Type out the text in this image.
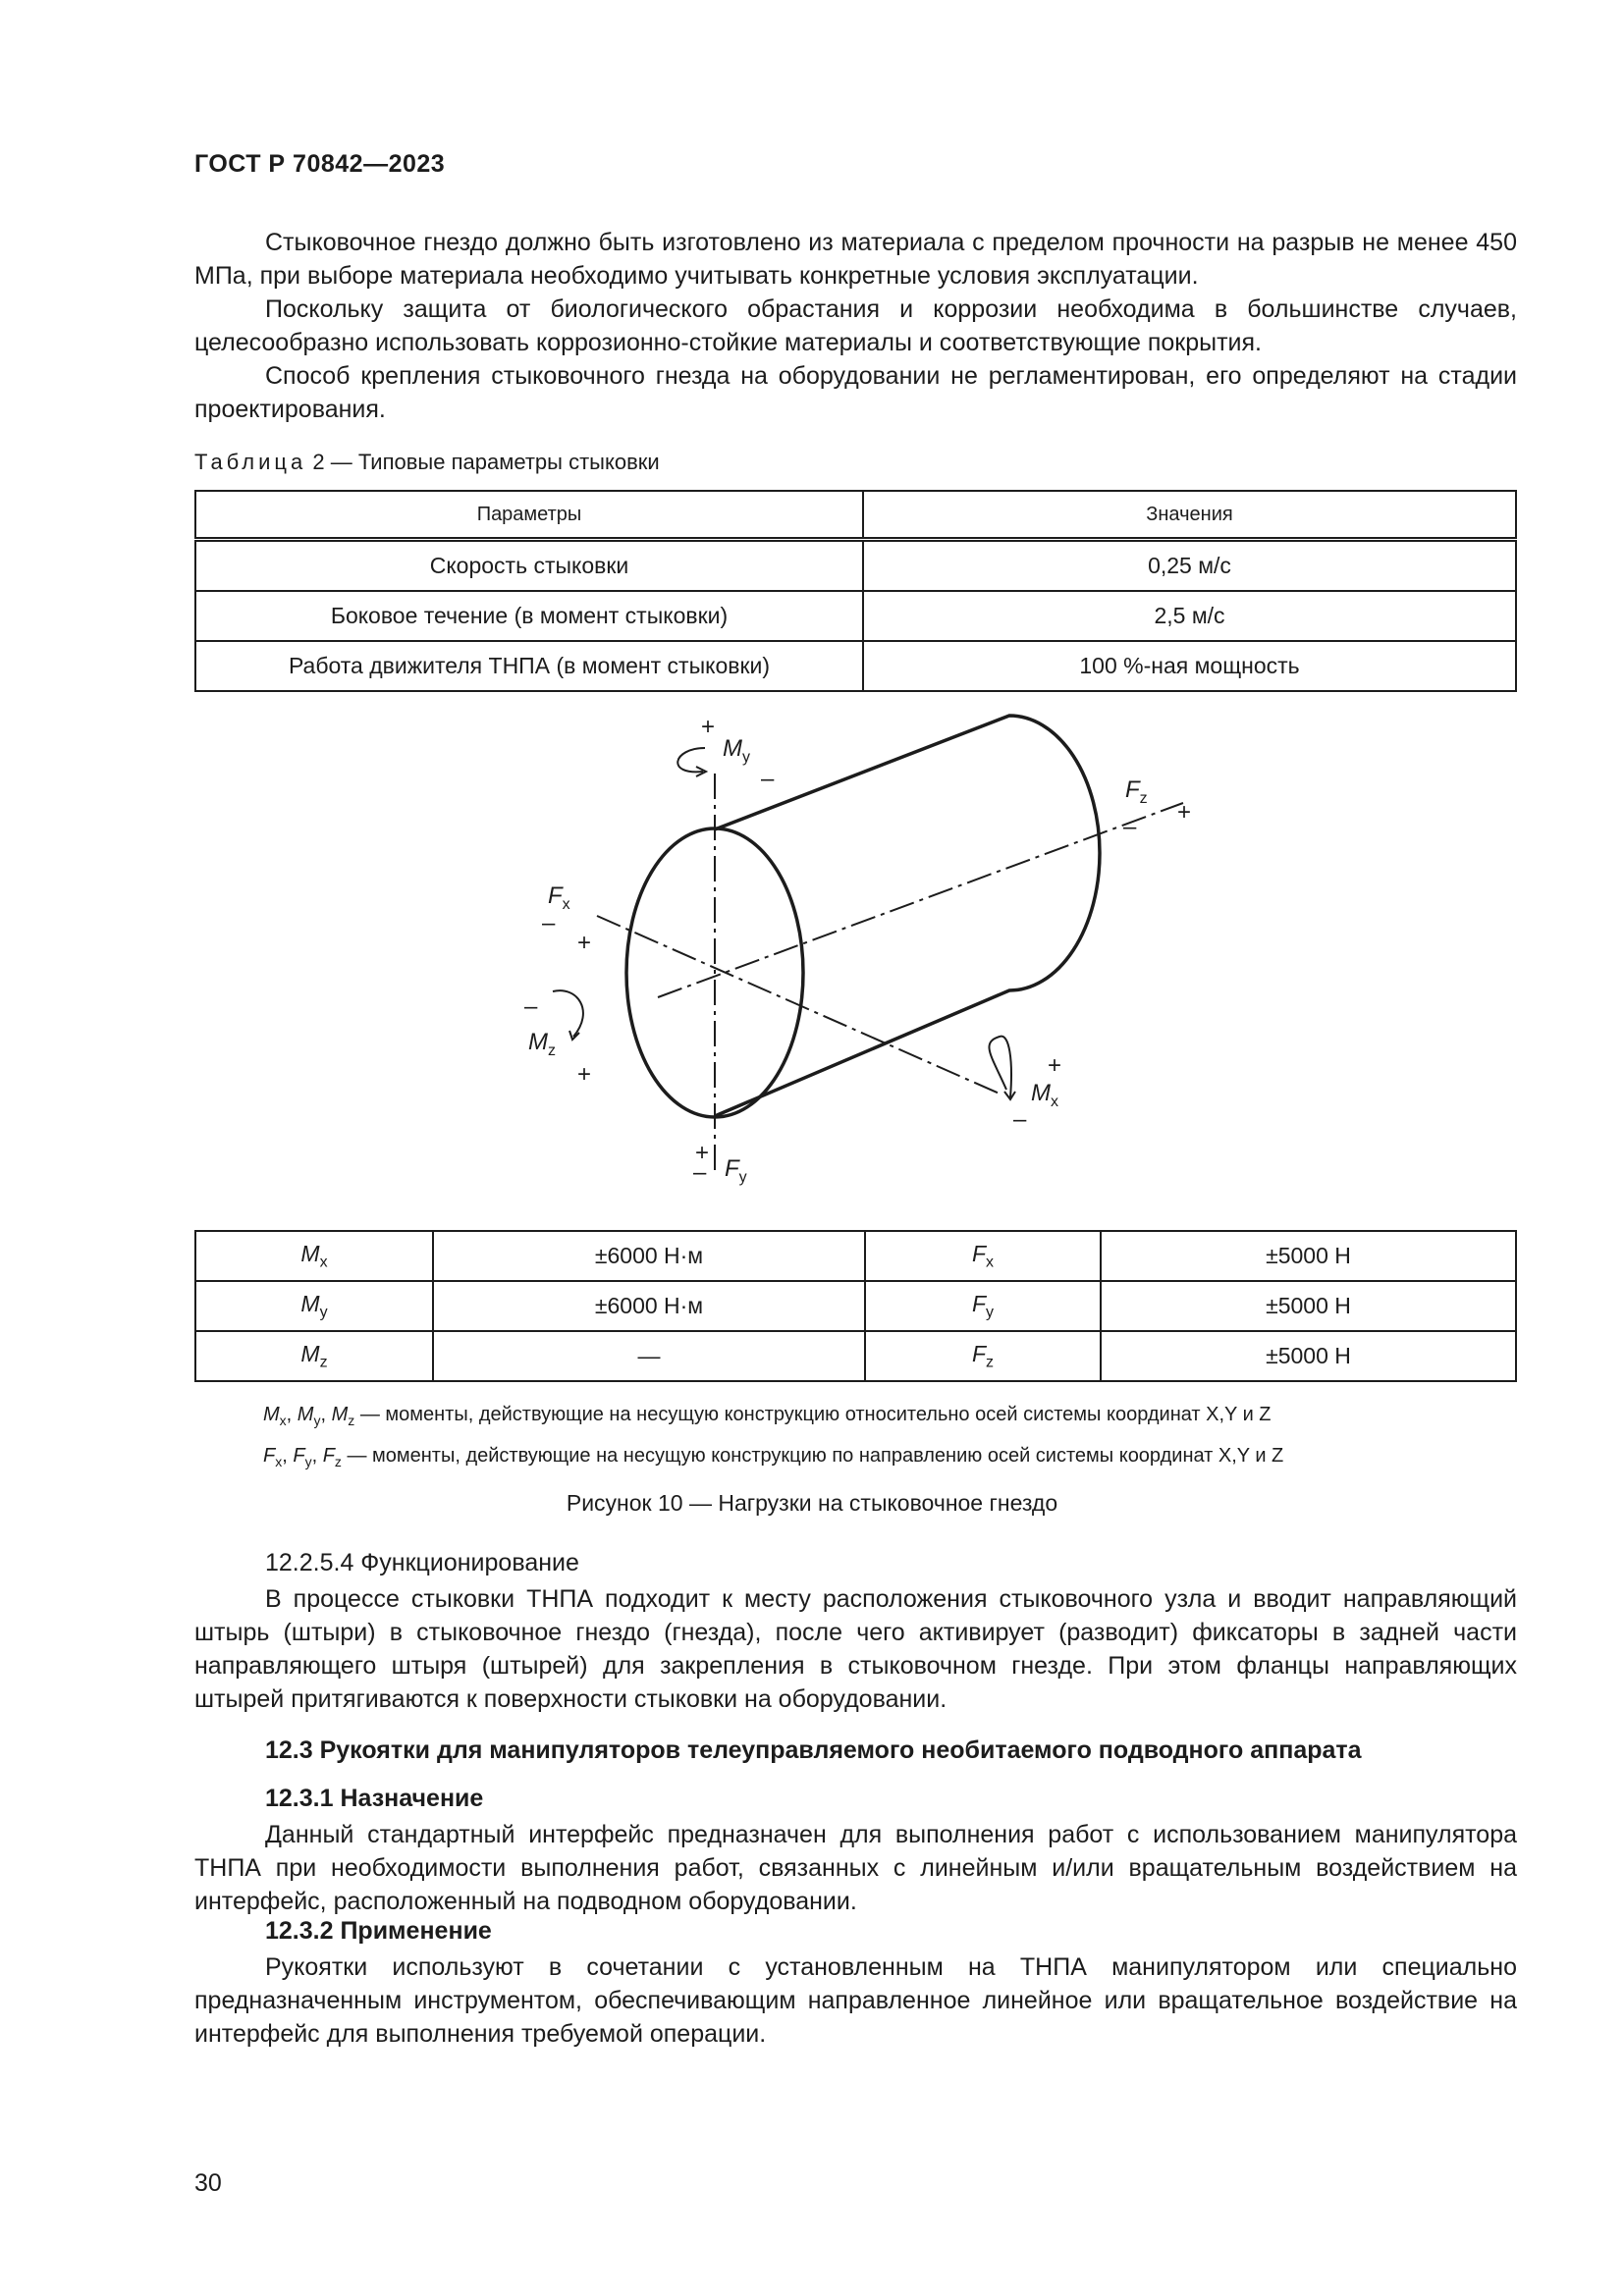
ГОСТ Р 70842—2023

Стыковочное гнездо должно быть изготовлено из материала с пределом прочности на разрыв не менее 450 МПа, при выборе материала необходимо учитывать конкретные условия эксплуатации.

Поскольку защита от биологического обрастания и коррозии необходима в большинстве случаев, целесообразно использовать коррозионно-стойкие материалы и соответствующие покрытия.

Способ крепления стыковочного гнезда на оборудовании не регламентирован, его определяют на стадии проектирования.

Таблица 2 — Типовые параметры стыковки
Параметры	Значения
Скорость стыковки	0,25 м/с
Боковое течение (в момент стыковки)	2,5 м/с
Работа движителя ТНПА (в момент стыковки)	100 %-ная мощность
+
$M_y$
–	$F_z$
–
+
$F_x$
–
+
–
$M_z$
+	+
$M_x$
–
+
– $F_y$
$M_x$	±6000 Н·м	$F_x$	±5000 Н
$M_y$	±6000 Н·м	$F_y$	±5000 Н
$M_z$	—	$F_z$	±5000 Н
$M_x$, $M_y$, $M_z$ — моменты, действующие на несущую конструкцию относительно осей системы координат X,Y и Z
$F_x$, $F_y$, $F_z$ — моменты, действующие на несущую конструкцию по направлению осей системы координат X,Y и Z
Рисунок 10 — Нагрузки на стыковочное гнездо
12.2.5.4 Функционирование

В процессе стыковки ТНПА подходит к месту расположения стыковочного узла и вводит направляющий штырь (штыри) в стыковочное гнездо (гнезда), после чего активирует (разводит) фиксаторы в задней части направляющего штыря (штырей) для закрепления в стыковочном гнезде. При этом фланцы направляющих штырей притягиваются к поверхности стыковки на оборудовании.

12.3 Рукоятки для манипуляторов телеуправляемого необитаемого подводного аппарата
12.3.1 Назначение

Данный стандартный интерфейс предназначен для выполнения работ с использованием манипулятора ТНПА при необходимости выполнения работ, связанных с линейным и/или вращательным воздействием на интерфейс, расположенный на подводном оборудовании.

12.3.2 Применение

Рукоятки используют в сочетании с установленным на ТНПА манипулятором или специально предназначенным инструментом, обеспечивающим направленное линейное или вращательное воздействие на интерфейс для выполнения требуемой операции.

30
